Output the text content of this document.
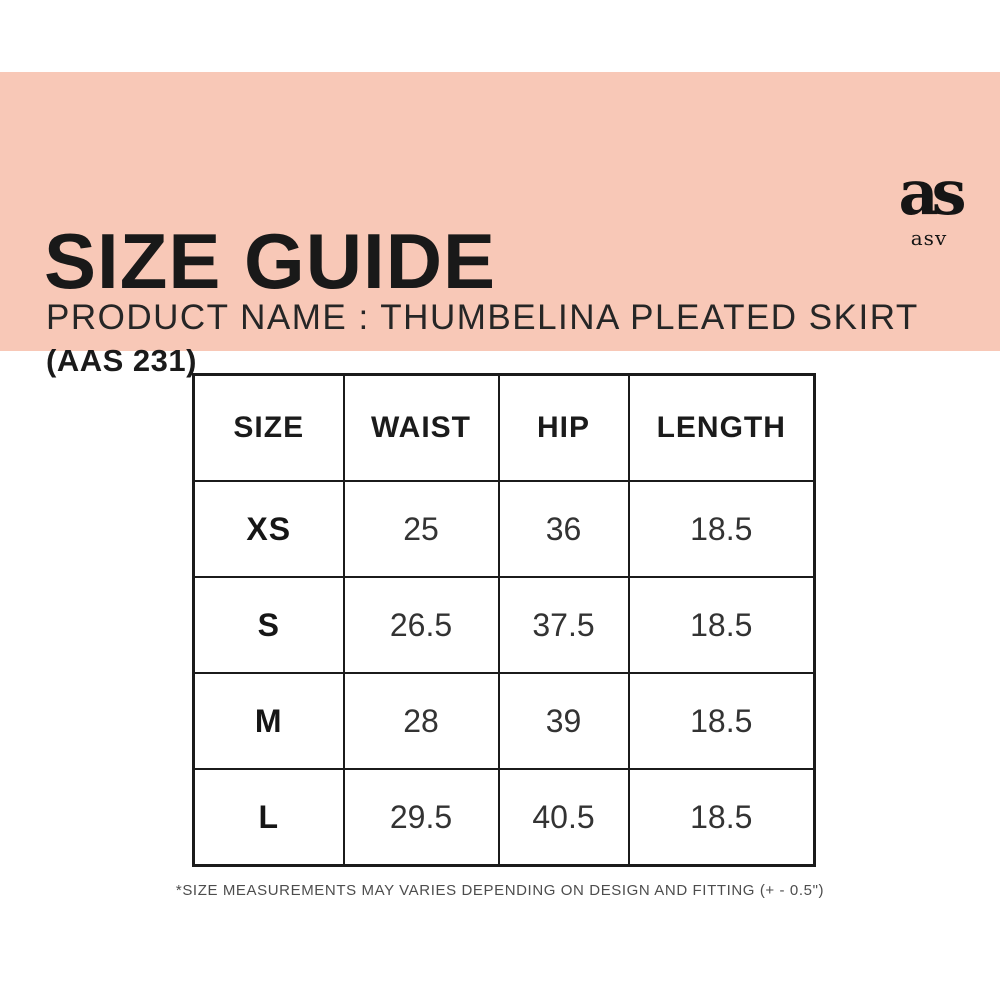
SIZE GUIDE
PRODUCT NAME : THUMBELINA PLEATED SKIRT
(AAS 231)
as
asv
SIZE	WAIST	HIP	LENGTH
XS	25	36	18.5
S	26.5	37.5	18.5
M	28	39	18.5
L	29.5	40.5	18.5
*SIZE MEASUREMENTS MAY VARIES DEPENDING ON DESIGN AND FITTING (+ - 0.5")
